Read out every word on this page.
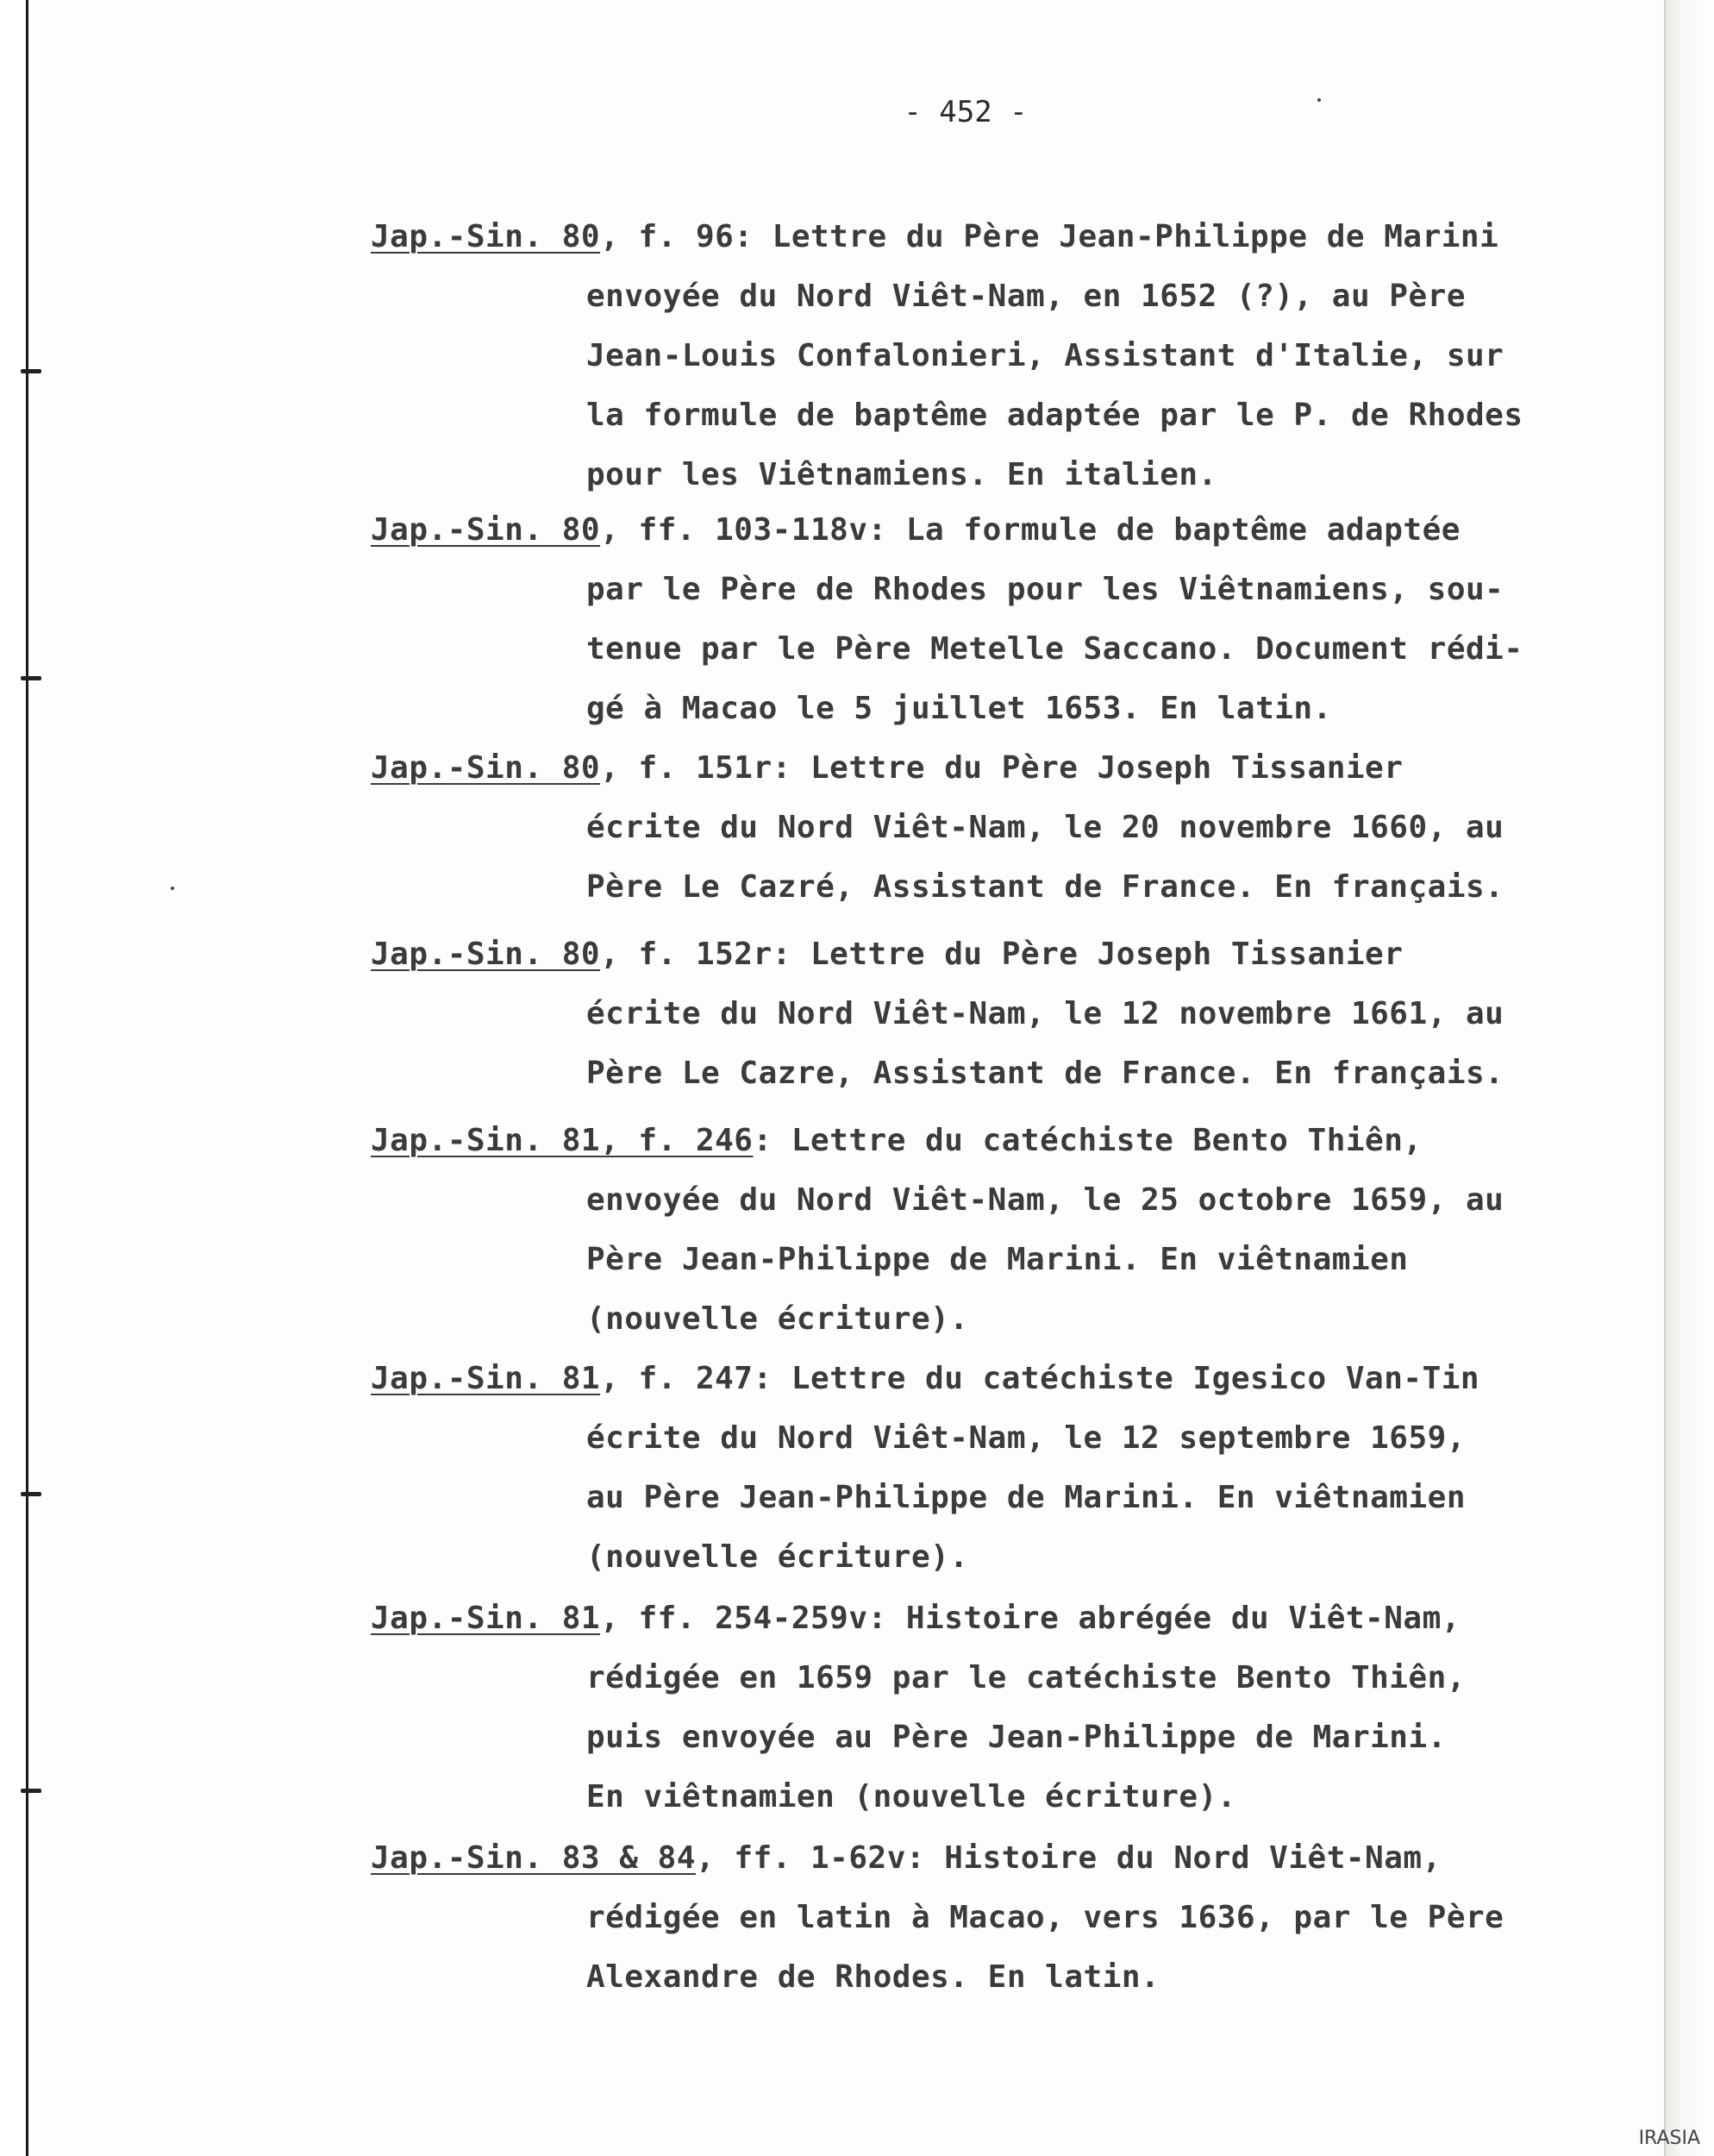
- 452 -
Jap.-Sin. 80, f. 96: Lettre du Père Jean-Philippe de Marini
envoyée du Nord Viêt-Nam, en 1652 (?), au Père
Jean-Louis Confalonieri, Assistant d'Italie, sur
la formule de baptême adaptée par le P. de Rhodes
pour les Viêtnamiens. En italien.
Jap.-Sin. 80, ff. 103-118v: La formule de baptême adaptée
par le Père de Rhodes pour les Viêtnamiens, sou-
tenue par le Père Metelle Saccano. Document rédi-
gé à Macao le 5 juillet 1653. En latin.
Jap.-Sin. 80, f. 151r: Lettre du Père Joseph Tissanier
écrite du Nord Viêt-Nam, le 20 novembre 1660, au
Père Le Cazré, Assistant de France. En français.
Jap.-Sin. 80, f. 152r: Lettre du Père Joseph Tissanier
écrite du Nord Viêt-Nam, le 12 novembre 1661, au
Père Le Cazre, Assistant de France. En français.
Jap.-Sin. 81, f. 246: Lettre du catéchiste Bento Thiên,
envoyée du Nord Viêt-Nam, le 25 octobre 1659, au
Père Jean-Philippe de Marini. En viêtnamien
(nouvelle écriture).
Jap.-Sin. 81, f. 247: Lettre du catéchiste Igesico Van-Tin
écrite du Nord Viêt-Nam, le 12 septembre 1659,
au Père Jean-Philippe de Marini. En viêtnamien
(nouvelle écriture).
Jap.-Sin. 81, ff. 254-259v: Histoire abrégée du Viêt-Nam,
rédigée en 1659 par le catéchiste Bento Thiên,
puis envoyée au Père Jean-Philippe de Marini.
En viêtnamien (nouvelle écriture).
Jap.-Sin. 83 & 84, ff. 1-62v: Histoire du Nord Viêt-Nam,
rédigée en latin à Macao, vers 1636, par le Père
Alexandre de Rhodes. En latin.
IRASIA
